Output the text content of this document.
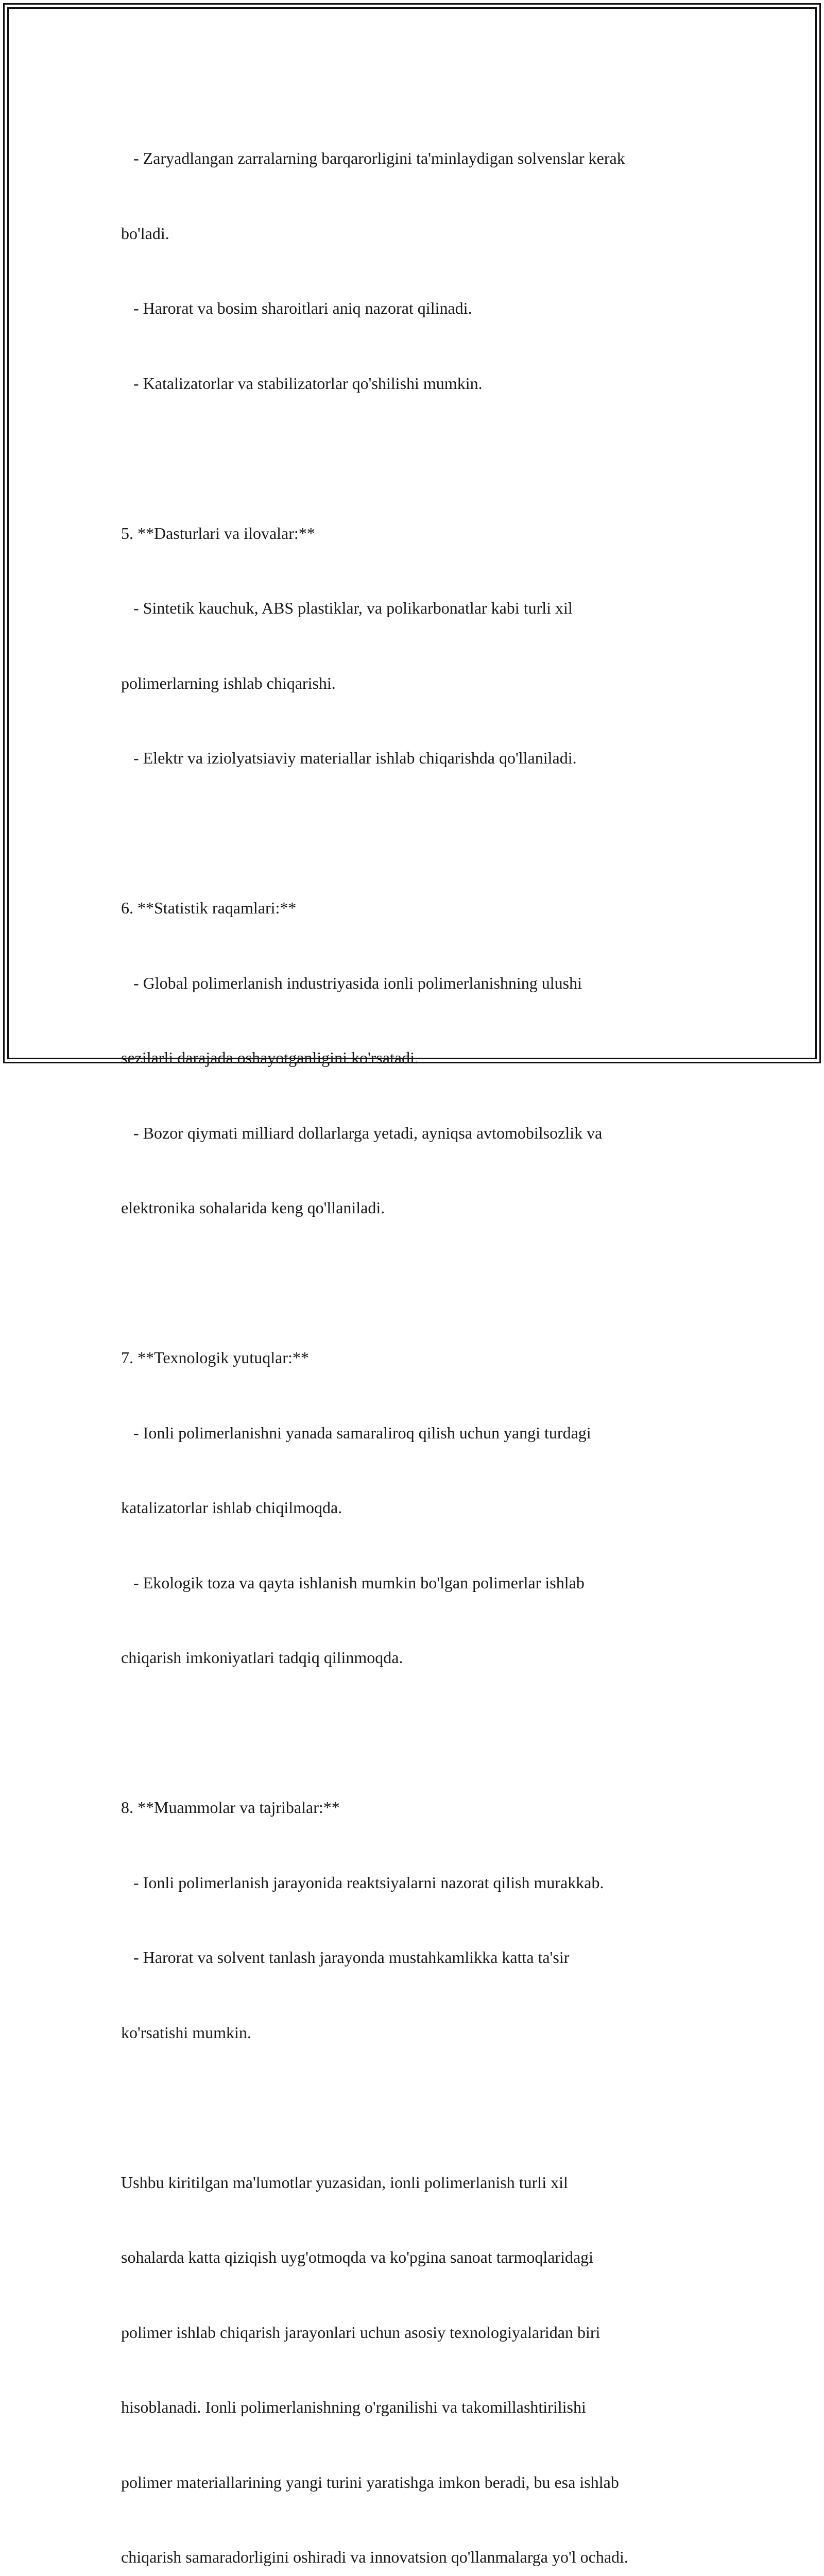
- Zaryadlangan zarralarning barqarorligini ta'minlaydigan solvenslar kerak

bo'ladi.

- Harorat va bosim sharoitlari aniq nazorat qilinadi.

- Katalizatorlar va stabilizatorlar qo'shilishi mumkin.

5. **Dasturlari va ilovalar:**

- Sintetik kauchuk, ABS plastiklar, va polikarbonatlar kabi turli xil

polimerlarning ishlab chiqarishi.

- Elektr va iziolyatsiaviy materiallar ishlab chiqarishda qo'llaniladi.

6. **Statistik raqamlari:**

- Global polimerlanish industriyasida ionli polimerlanishning ulushi

sezilarli darajada oshayotganligini ko'rsatadi.

- Bozor qiymati milliard dollarlarga yetadi, ayniqsa avtomobilsozlik va

elektronika sohalarida keng qo'llaniladi.

7. **Texnologik yutuqlar:**

- Ionli polimerlanishni yanada samaraliroq qilish uchun yangi turdagi

katalizatorlar ishlab chiqilmoqda.

- Ekologik toza va qayta ishlanish mumkin bo'lgan polimerlar ishlab

chiqarish imkoniyatlari tadqiq qilinmoqda.

8. **Muammolar va tajribalar:**

- Ionli polimerlanish jarayonida reaktsiyalarni nazorat qilish murakkab.

- Harorat va solvent tanlash jarayonda mustahkamlikka katta ta'sir

ko'rsatishi mumkin.

Ushbu kiritilgan ma'lumotlar yuzasidan, ionli polimerlanish turli xil

sohalarda katta qiziqish uyg'otmoqda va ko'pgina sanoat tarmoqlaridagi

polimer ishlab chiqarish jarayonlari uchun asosiy texnologiyalaridan biri

hisoblanadi. Ionli polimerlanishning o'rganilishi va takomillashtirilishi

polimer materiallarining yangi turini yaratishga imkon beradi, bu esa ishlab

chiqarish samaradorligini oshiradi va innovatsion qo'llanmalarga yo'l ochadi.
